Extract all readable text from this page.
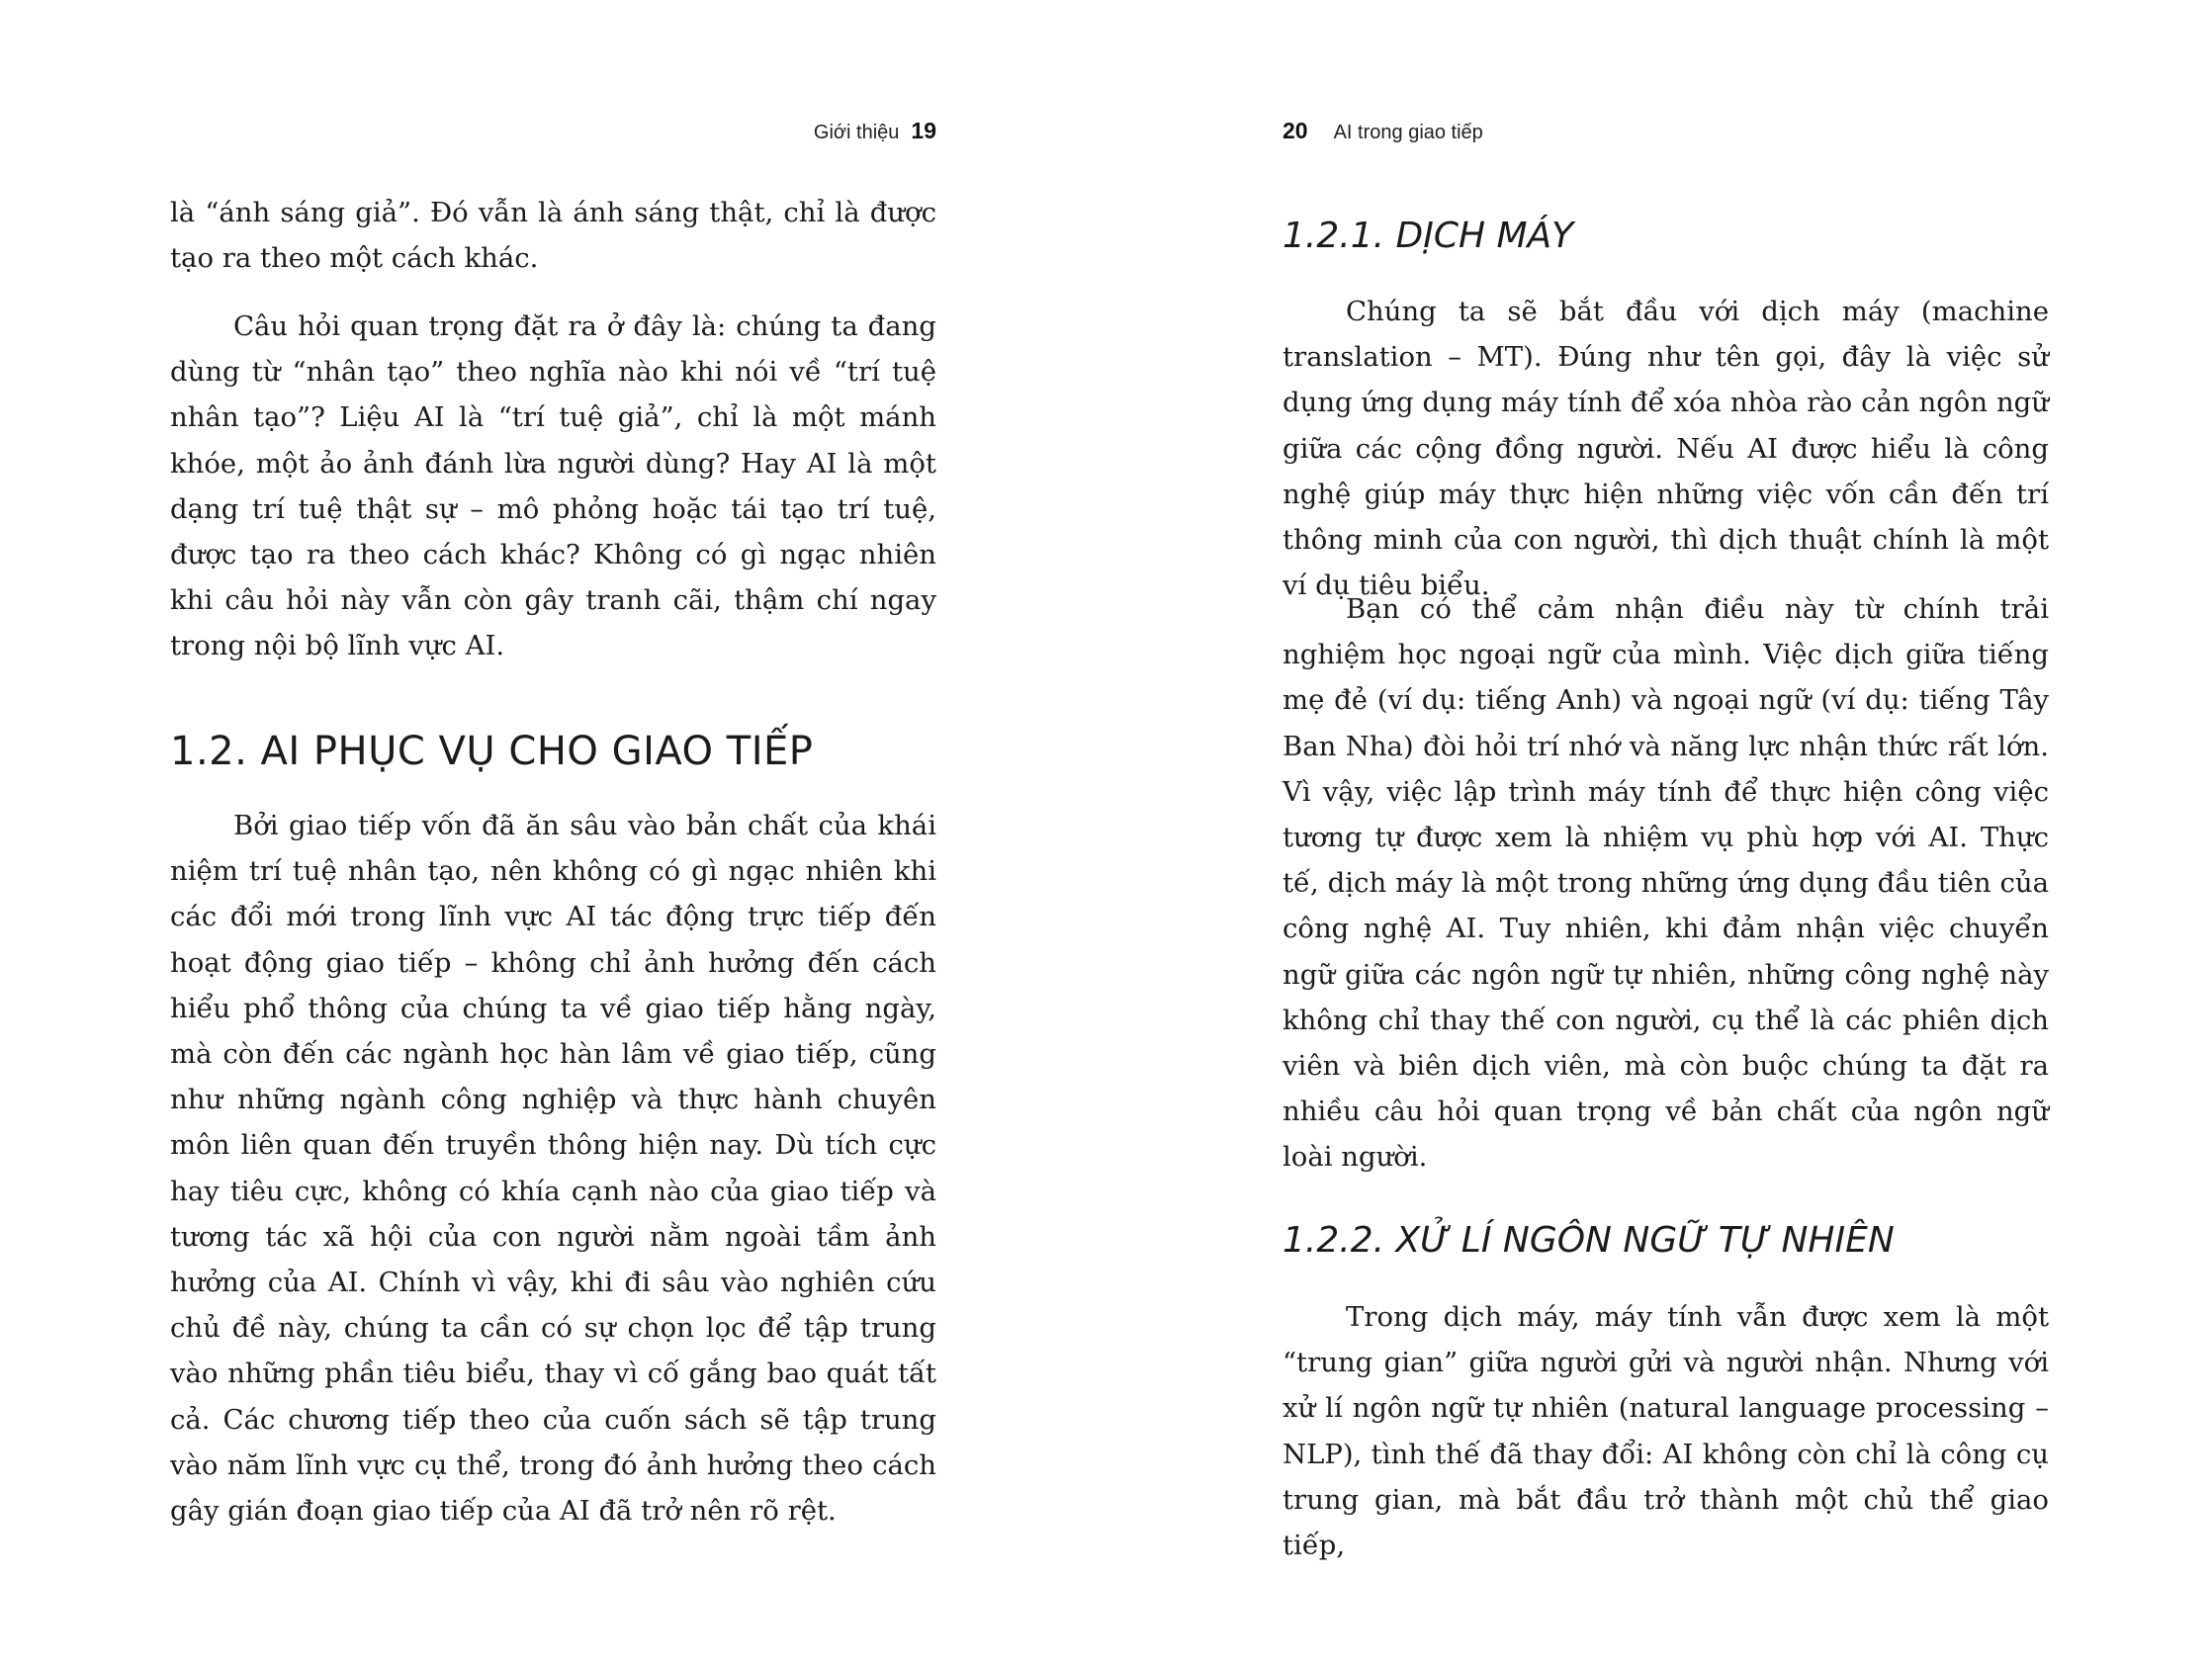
Giới thiệu 19

là “ánh sáng giả”. Đó vẫn là ánh sáng thật, chỉ là được tạo ra theo một cách khác.

Câu hỏi quan trọng đặt ra ở đây là: chúng ta đang dùng từ “nhân tạo” theo nghĩa nào khi nói về “trí tuệ nhân tạo”? Liệu AI là “trí tuệ giả”, chỉ là một mánh khóe, một ảo ảnh đánh lừa người dùng? Hay AI là một dạng trí tuệ thật sự – mô phỏng hoặc tái tạo trí tuệ, được tạo ra theo cách khác? Không có gì ngạc nhiên khi câu hỏi này vẫn còn gây tranh cãi, thậm chí ngay trong nội bộ lĩnh vực AI.

1.2. AI PHỤC VỤ CHO GIAO TIẾP

Bởi giao tiếp vốn đã ăn sâu vào bản chất của khái niệm trí tuệ nhân tạo, nên không có gì ngạc nhiên khi các đổi mới trong lĩnh vực AI tác động trực tiếp đến hoạt động giao tiếp – không chỉ ảnh hưởng đến cách hiểu phổ thông của chúng ta về giao tiếp hằng ngày, mà còn đến các ngành học hàn lâm về giao tiếp, cũng như những ngành công nghiệp và thực hành chuyên môn liên quan đến truyền thông hiện nay. Dù tích cực hay tiêu cực, không có khía cạnh nào của giao tiếp và tương tác xã hội của con người nằm ngoài tầm ảnh hưởng của AI. Chính vì vậy, khi đi sâu vào nghiên cứu chủ đề này, chúng ta cần có sự chọn lọc để tập trung vào những phần tiêu biểu, thay vì cố gắng bao quát tất cả. Các chương tiếp theo của cuốn sách sẽ tập trung vào năm lĩnh vực cụ thể, trong đó ảnh hưởng theo cách gây gián đoạn giao tiếp của AI đã trở nên rõ rệt.

20 AI trong giao tiếp
1.2.1. DỊCH MÁY

Chúng ta sẽ bắt đầu với dịch máy (machine translation – MT). Đúng như tên gọi, đây là việc sử dụng ứng dụng máy tính để xóa nhòa rào cản ngôn ngữ giữa các cộng đồng người. Nếu AI được hiểu là công nghệ giúp máy thực hiện những việc vốn cần đến trí thông minh của con người, thì dịch thuật chính là một ví dụ tiêu biểu.

Bạn có thể cảm nhận điều này từ chính trải nghiệm học ngoại ngữ của mình. Việc dịch giữa tiếng mẹ đẻ (ví dụ: tiếng Anh) và ngoại ngữ (ví dụ: tiếng Tây Ban Nha) đòi hỏi trí nhớ và năng lực nhận thức rất lớn. Vì vậy, việc lập trình máy tính để thực hiện công việc tương tự được xem là nhiệm vụ phù hợp với AI. Thực tế, dịch máy là một trong những ứng dụng đầu tiên của công nghệ AI. Tuy nhiên, khi đảm nhận việc chuyển ngữ giữa các ngôn ngữ tự nhiên, những công nghệ này không chỉ thay thế con người, cụ thể là các phiên dịch viên và biên dịch viên, mà còn buộc chúng ta đặt ra nhiều câu hỏi quan trọng về bản chất của ngôn ngữ loài người.

1.2.2. XỬ LÍ NGÔN NGỮ TỰ NHIÊN

Trong dịch máy, máy tính vẫn được xem là một “trung gian” giữa người gửi và người nhận. Nhưng với xử lí ngôn ngữ tự nhiên (natural language processing – NLP), tình thế đã thay đổi: AI không còn chỉ là công cụ trung gian, mà bắt đầu trở thành một chủ thể giao tiếp,
